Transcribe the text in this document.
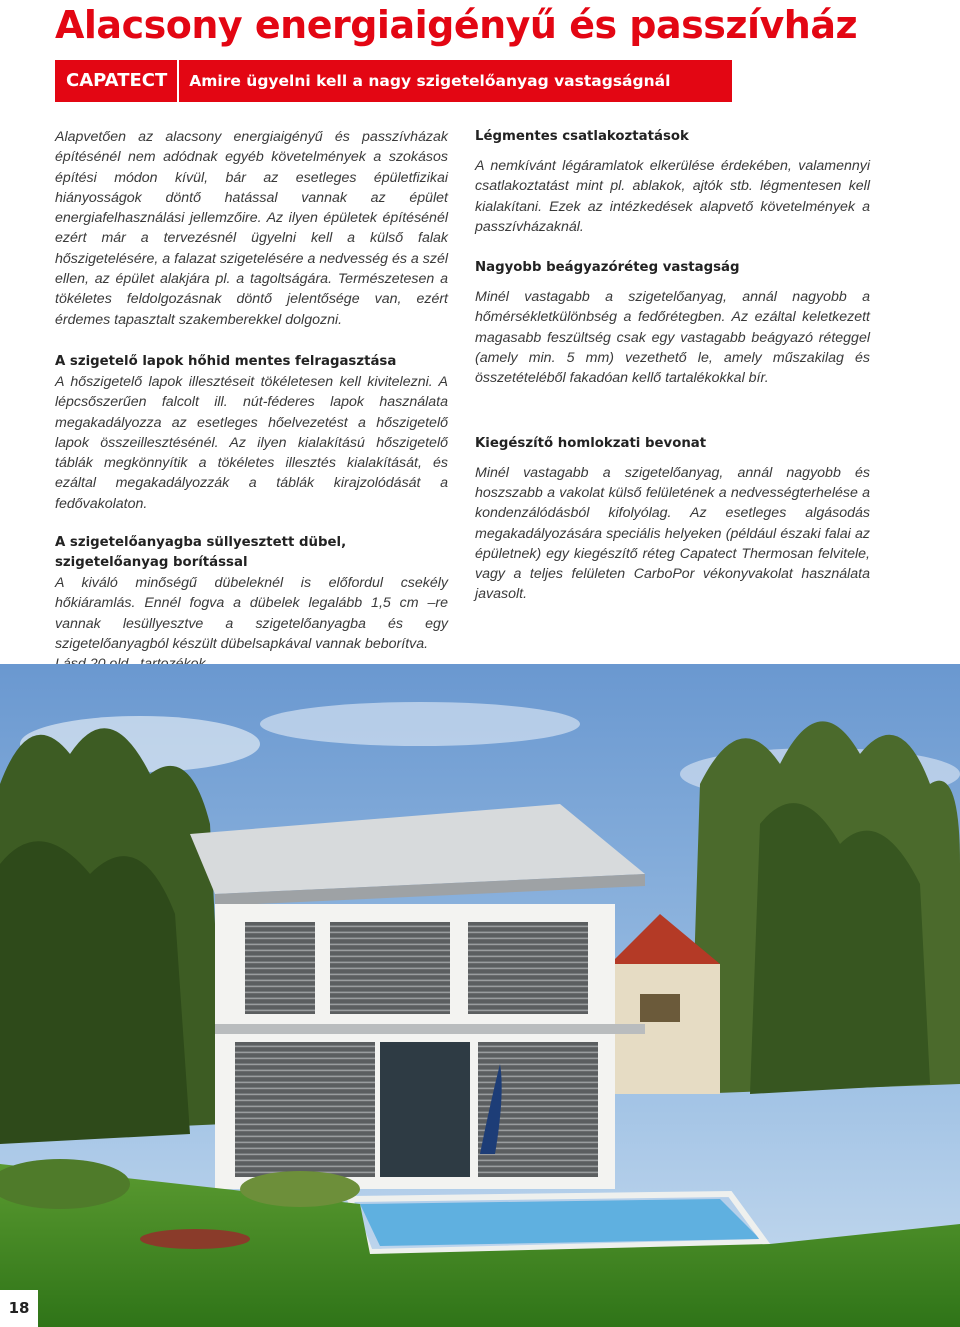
Alacsony energiaigényű és passzívház
CAPATECT	Amire ügyelni kell a nagy szigetelőanyag vastagságnál

Alapvetően az alacsony energiaigényű és passzívházak építésénél nem adódnak egyéb követelmények a szokásos építési módon kívül, bár az esetleges épületfizikai hiányosságok döntő hatással vannak az épület energiafelhasználási jellemzőire. Az ilyen épületek építésénél ezért már a tervezésnél ügyelni kell a külső falak hőszigetelésére, a falazat szigetelésére a nedvesség és a szél ellen, az épület alakjára pl. a tagoltságára. Természetesen a tökéletes feldolgozásnak döntő jelentősége van, ezért érdemes tapasztalt szakemberekkel dolgozni.

A szigetelő lapok hőhid mentes felragasztása

A hőszigetelő lapok illesztéseit tökéletesen kell kivitelezni. A lépcsőszerűen falcolt ill. nút-féderes lapok használata megakadályozza az esetleges hőelvezetést a hőszigetelő lapok összeillesztésénél. Az ilyen kialakítású hőszigetelő táblák megkönnyítik a tökéletes illesztés kialakítását, és ezáltal megakadályozzák a táblák kirajzolódását a fedővakolaton.

A szigetelőanyagba süllyesztett dübel, szigetelőanyag borítással

A kiváló minőségű dübeleknél is előfordul csekély hőkiáramlás. Ennél fogva a dübelek legalább 1,5 cm –re vannak lesüllyesztve a szigetelőanyagba és egy szigetelőanyagból készült dübelsapkával vannak beborítva.

Légmentes csatlakoztatások

A nemkívánt légáramlatok elkerülése érdekében, valamennyi csatlakoztatást mint pl. ablakok, ajtók stb. légmentesen kell kialakítani. Ezek az intézkedések alapvető követelmények a passzívházaknál.

Nagyobb beágyazóréteg vastagság

Minél vastagabb a szigetelőanyag, annál nagyobb a hőmérsékletkülönbség a fedőrétegben. Az ezáltal keletkezett magasabb feszültség csak egy vastagabb beágyazó réteggel (amely min. 5 mm) vezethető le, amely műszakilag és összetételéből fakadóan kellő tartalékokkal bír.

Kiegészítő homlokzati bevonat

Minél vastagabb a szigetelőanyag, annál nagyobb és hoszszabb a vakolat külső felületének a nedvességterhelése a kondenzálódásból kifolyólag. Az esetleges algásodás megakadályozására speciális helyeken (például északi falai az épületnek) egy kiegészítő réteg Capatect Thermosan felvitele, vagy a teljes felületen CarboPor vékonyvakolat használata javasolt.

18
